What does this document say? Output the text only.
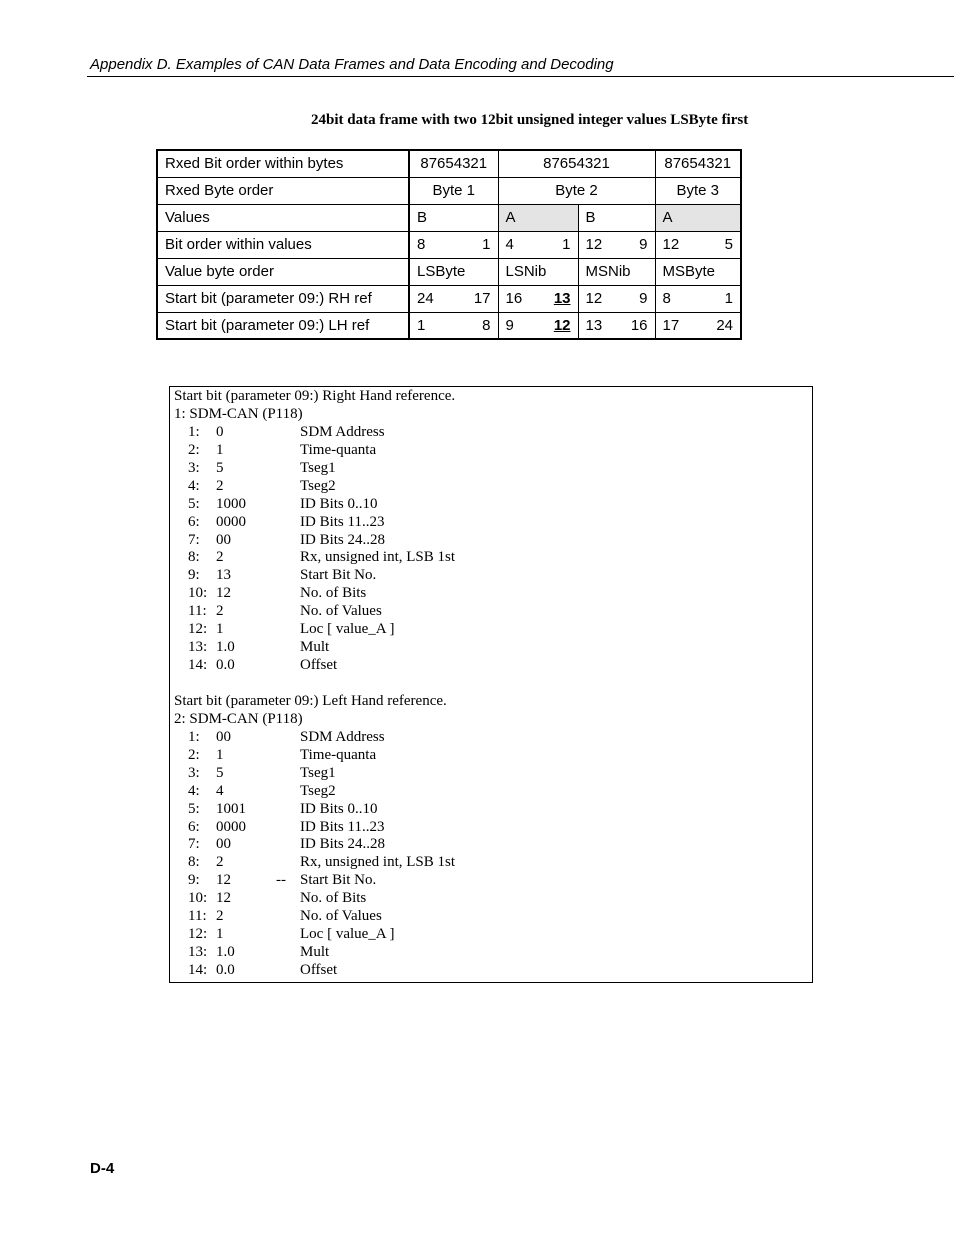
Appendix D. Examples of CAN Data Frames and Data Encoding and Decoding
24bit data frame with two 12bit unsigned integer values LSByte first
Rxed Bit order within bytes	87654321	87654321		87654321
Rxed Byte order	Byte 1	Byte 2		Byte 3
Values	B	A	B	A
Bit order within values	8 1	4 1	12 9	12 5

Value byte order	LSByte	LSNib	MSNib	MSByte
Start bit (parameter 09:) RH ref	24 17	16 13	12 9	8 1

Start bit (parameter 09:) LH ref	1 8	9 12	13 16	17 24
Start bit (parameter 09:) Right Hand reference.
1: SDM-CAN (P118)
1: 0	SDM Address
2: 1	Time-quanta
3: 5	Tseg1
4: 2	Tseg2
5: 1000	ID Bits 0..10
6: 0000	ID Bits 11..23
7: 00	ID Bits 24..28
8: 2	Rx, unsigned int, LSB 1st
9: 13	Start Bit No.
10: 12	No. of Bits
11: 2	No. of Values
12: 1	Loc [ value_A ]
13: 1.0	Mult
14: 0.0	Offset
Start bit (parameter 09:) Left Hand reference.
2: SDM-CAN (P118)
1: 00	SDM Address
2: 1	Time-quanta
3: 5	Tseg1
4: 4	Tseg2
5: 1001	ID Bits 0..10
6: 0000	ID Bits 11..23
7: 00	ID Bits 24..28
8: 2	Rx, unsigned int, LSB 1st
9: 12	-- Start Bit No.
10: 12	No. of Bits
11: 2	No. of Values
12: 1	Loc [ value_A ]
13: 1.0	Mult
14: 0.0	Offset
D-4
